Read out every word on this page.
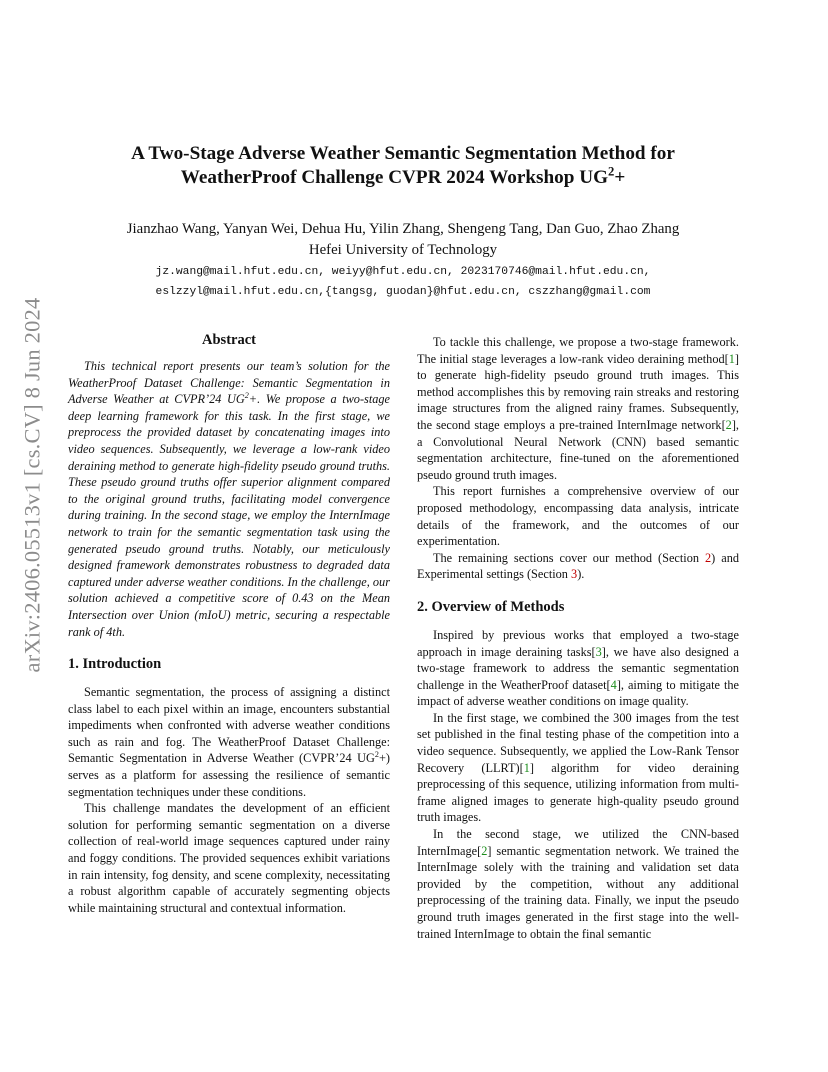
arXiv:2406.05513v1 [cs.CV] 8 Jun 2024
A Two-Stage Adverse Weather Semantic Segmentation Method for
WeatherProof Challenge CVPR 2024 Workshop $UG^2+$
Jianzhao Wang, Yanyan Wei, Dehua Hu, Yilin Zhang, Shengeng Tang, Dan Guo, Zhao Zhang
Hefei University of Technology
jz.wang@mail.hfut.edu.cn, weiyy@hfut.edu.cn, 2023170746@mail.hfut.edu.cn,
eslzzyl@mail.hfut.edu.cn,{tangsg, guodan}@hfut.edu.cn, cszzhang@gmail.com
Abstract

This technical report presents our team’s solution for the WeatherProof Dataset Challenge: Semantic Segmentation in Adverse Weather at CVPR’24 $UG^2+$. We propose a two-stage deep learning framework for this task. In the first stage, we preprocess the provided dataset by concatenating images into video sequences. Subsequently, we leverage a low-rank video deraining method to generate high-fidelity pseudo ground truths. These pseudo ground truths offer superior alignment compared to the original ground truths, facilitating model convergence during training. In the second stage, we employ the InternImage network to train for the semantic segmentation task using the generated pseudo ground truths. Notably, our meticulously designed framework demonstrates robustness to degraded data captured under adverse weather conditions. In the challenge, our solution achieved a competitive score of 0.43 on the Mean Intersection over Union (mIoU) metric, securing a respectable rank of 4th.

1. Introduction

Semantic segmentation, the process of assigning a distinct class label to each pixel within an image, encounters substantial impediments when confronted with adverse weather conditions such as rain and fog. The WeatherProof Dataset Challenge: Semantic Segmentation in Adverse Weather (CVPR’24 $UG^2+$) serves as a platform for assessing the resilience of semantic segmentation techniques under these conditions.

This challenge mandates the development of an efficient solution for performing semantic segmentation on a diverse collection of real-world image sequences captured under rainy and foggy conditions. The provided sequences exhibit variations in rain intensity, fog density, and scene complexity, necessitating a robust algorithm capable of accurately segmenting objects while maintaining structural and contextual information.

To tackle this challenge, we propose a two-stage framework. The initial stage leverages a low-rank video deraining method[1] to generate high-fidelity pseudo ground truth images. This method accomplishes this by removing rain streaks and restoring image structures from the aligned rainy frames. Subsequently, the second stage employs a pre-trained InternImage network[2], a Convolutional Neural Network (CNN) based semantic segmentation architecture, fine-tuned on the aforementioned pseudo ground truth images.

This report furnishes a comprehensive overview of our proposed methodology, encompassing data analysis, intricate details of the framework, and the outcomes of our experimentation.

The remaining sections cover our method (Section 2) and Experimental settings (Section 3).

2. Overview of Methods

Inspired by previous works that employed a two-stage approach in image deraining tasks[3], we have also designed a two-stage framework to address the semantic segmentation challenge in the WeatherProof dataset[4], aiming to mitigate the impact of adverse weather conditions on image quality.

In the first stage, we combined the 300 images from the test set published in the final testing phase of the competition into a video sequence. Subsequently, we applied the Low-Rank Tensor Recovery (LLRT)[1] algorithm for video deraining preprocessing of this sequence, utilizing information from multi-frame aligned images to generate high-quality pseudo ground truth images.

In the second stage, we utilized the CNN-based InternImage[2] semantic segmentation network. We trained the InternImage solely with the training and validation set data provided by the competition, without any additional preprocessing of the training data. Finally, we input the pseudo ground truth images generated in the first stage into the well-trained InternImage to obtain the final semantic
